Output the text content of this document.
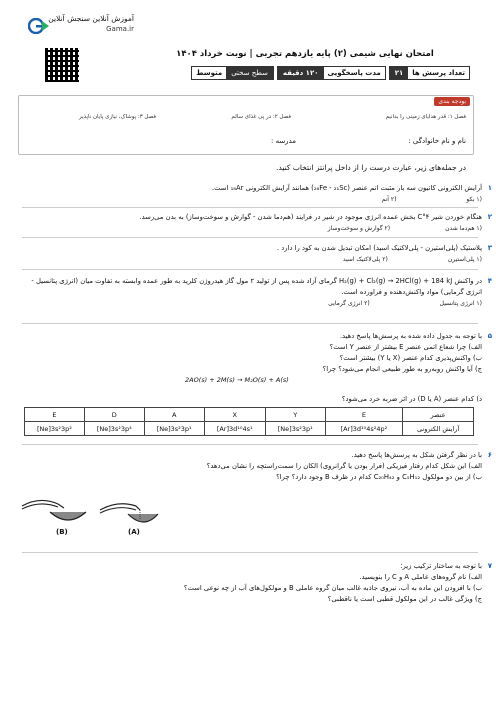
آموزش آنلاین سنجش آنلاین
Gama.ir
امتحان نهایی شیمی (۲) پایه یازدهم تجربی | نوبت خرداد ۱۴۰۴
تعداد پرسش ها
۲۱
مدت پاسخگویی
۱۲۰ دقیقه
سطح سختی
متوسط
بودجه بندی
فصل ۱: قدر هدایای زمینی را بدانیم
فصل ۲: در پی غذای سالم
فصل ۳: پوشاک، نیازی پایان ناپذیر
نام و نام خانوادگی :
مدرسه :
در جمله‌های زیر، عبارت درست را از داخل پرانتز انتخاب کنید.
۱
آرایش الکترونی کاتیون سه بار مثبت اتم عنصر (₂₆Fe - ₂₁Sc) همانند آرایش الکترونی ₁₈Ar است.
(۱ بکو
(۲ آنم
۲
هنگام خوردن شیر ۴°C بخش عمده انرژی موجود در شیر در فرایند (هم‌دما شدن - گوارش و سوخت‌وساز) به بدن می‌رسد.
(۱ هم‌دما شدن
(۲ گوارش و سوخت‌وساز
۳
پلاستیک (پلی‌استیرن - پلی‌لاکتیک اسید) امکان تبدیل شدن به کود را دارد .
(۱ پلی‌استیرن
(۲ پلی‌لاکتیک اسید
۴
در واکنش H₂(g) + Cl₂(g) → 2HCl(g) + 184 kJ گرمای آزاد شده پس از تولید ۲ مول گاز هیدروژن کلرید به طور عمده وابسته به تفاوت میان (انرژی پتانسیل - انرژی گرمایی) مواد واکنش‌دهنده و فراورده است.
(۱ انرژی پتانسیل
(۲ انرژی گرمایی
۵
با توجه به جدول داده شده به پرسش‌ها پاسخ دهید.
الف) چرا شعاع اتمی عنصر E بیشتر از عنصر Y است؟
ب) واکنش‌پذیری کدام عنصر (X یا Y) بیشتر است؟
ج) آیا واکنش روبه‌رو به طور طبیعی انجام می‌شود؟ چرا؟
2AO(s) + 2M(s) → M₂O(s) + A(s)
د) کدام عنصر (A یا D) در اثر ضربه خرد می‌شود؟
E	D	A	X	Y	E	عنصر
[Ne]3s²3p²	[Ne]3s²3p⁴	[Ne]3s²3p¹	[Ar]3d¹⁰4s¹	[Ne]3s²3p¹	[Ar]3d¹⁰4s²4p²	آرایش الکترونی
۶
با در نظر گرفتن شکل به پرسش‌ها پاسخ دهید.
الف) این شکل کدام رفتار فیزیکی (فرار بودن یا گرانروی) الکان را سمت‌راستچه را نشان می‌دهد؟
ب) از بین دو مولکول C₅H₁₂ و C₂₀H₄₂ کدام در ظرف B وجود دارد؟ چرا؟
(B)	(A)
۷
با توجه به ساختار ترکیب زیر:
الف) نام گروه‌های عاملی A و C را بنویسید.
ب) با افزودن این ماده به آب، نیروی جاذبه غالب میان گروه عاملی B و مولکول‌های آب از چه نوعی است؟
ج) ویژگی غالب در این مولکول قطبی است یا ناقطبی؟
